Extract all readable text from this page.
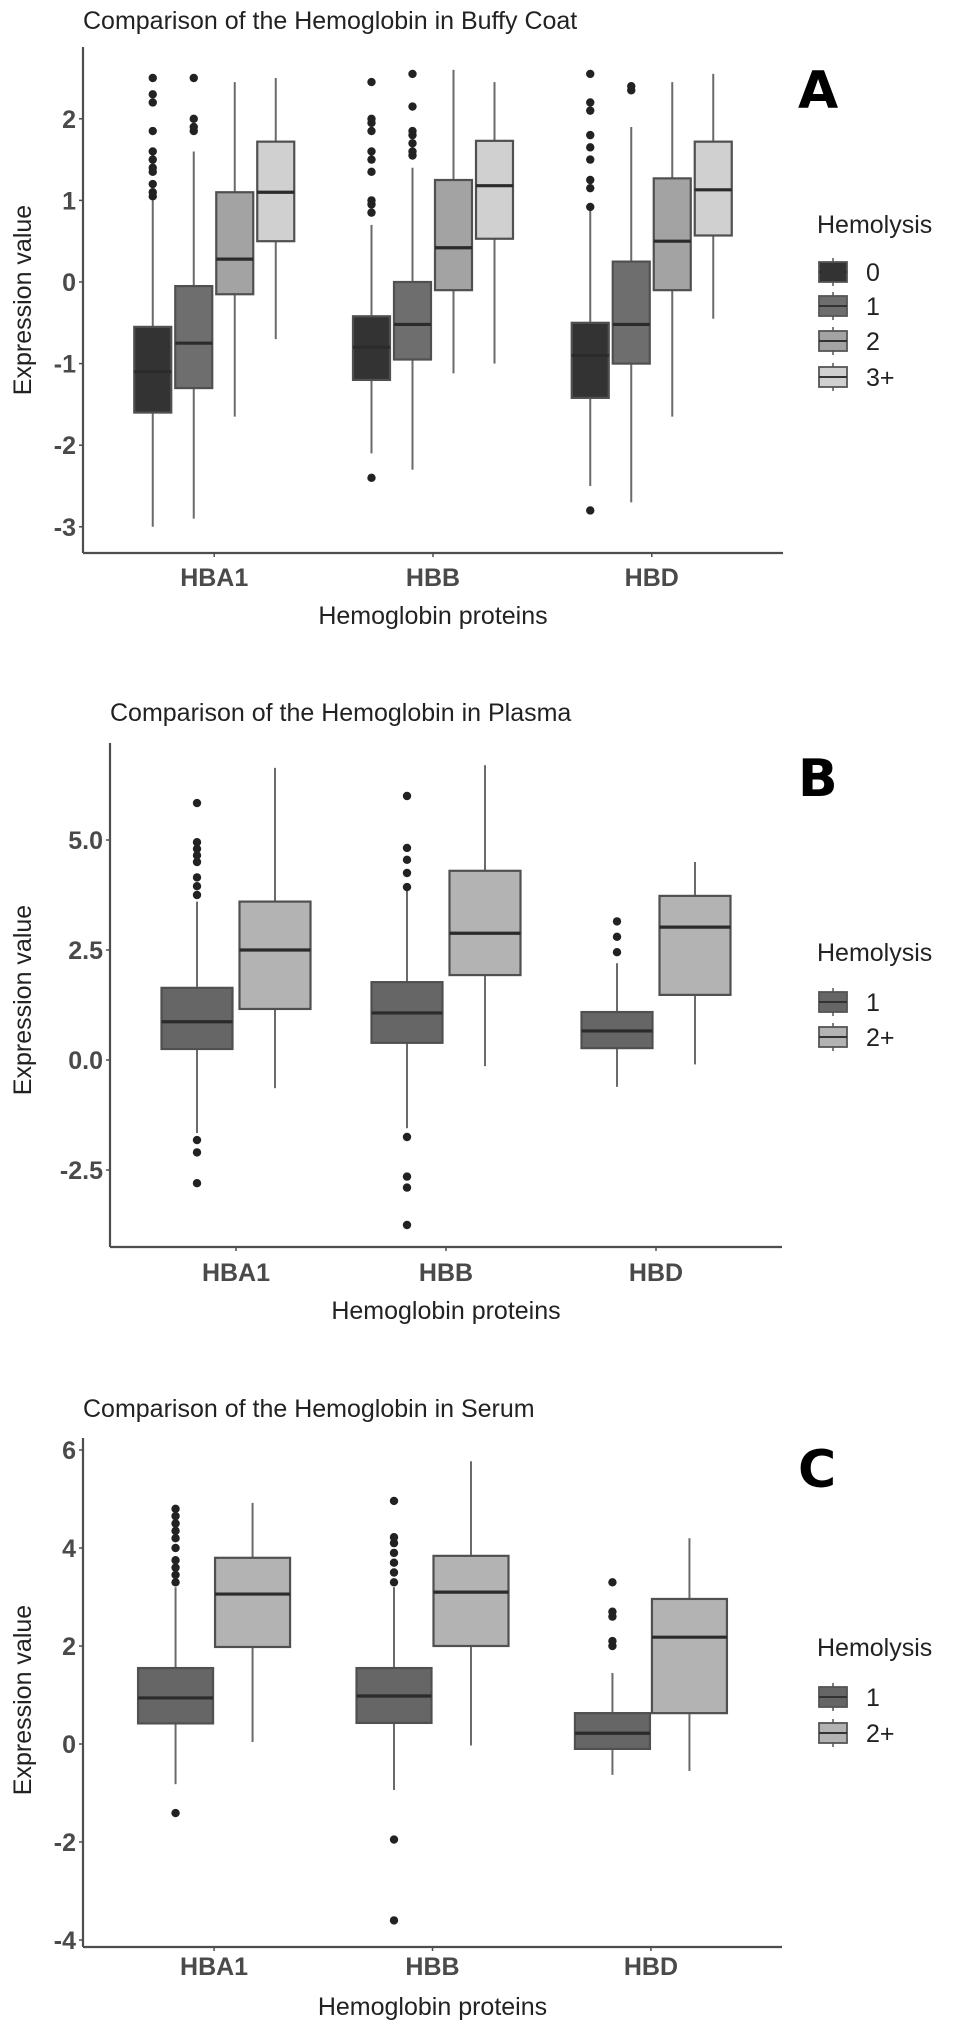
Comparison of the Hemoglobin in Buffy Coat
-3
-2
-1
0
1
2
Expression value
HBA1	HBB	HBD
Hemoglobin proteins
Hemolysis
0
1
2
3+
A
Comparison of the Hemoglobin in Plasma
-2.5
0.0
2.5
5.0
Expression value
HBA1	HBB	HBD
Hemoglobin proteins
Hemolysis
1
2+
B
Comparison of the Hemoglobin in Serum
-4
-2
0
2
4
6
Expression value
HBA1	HBB	HBD
Hemoglobin proteins
Hemolysis
1
2+
C
